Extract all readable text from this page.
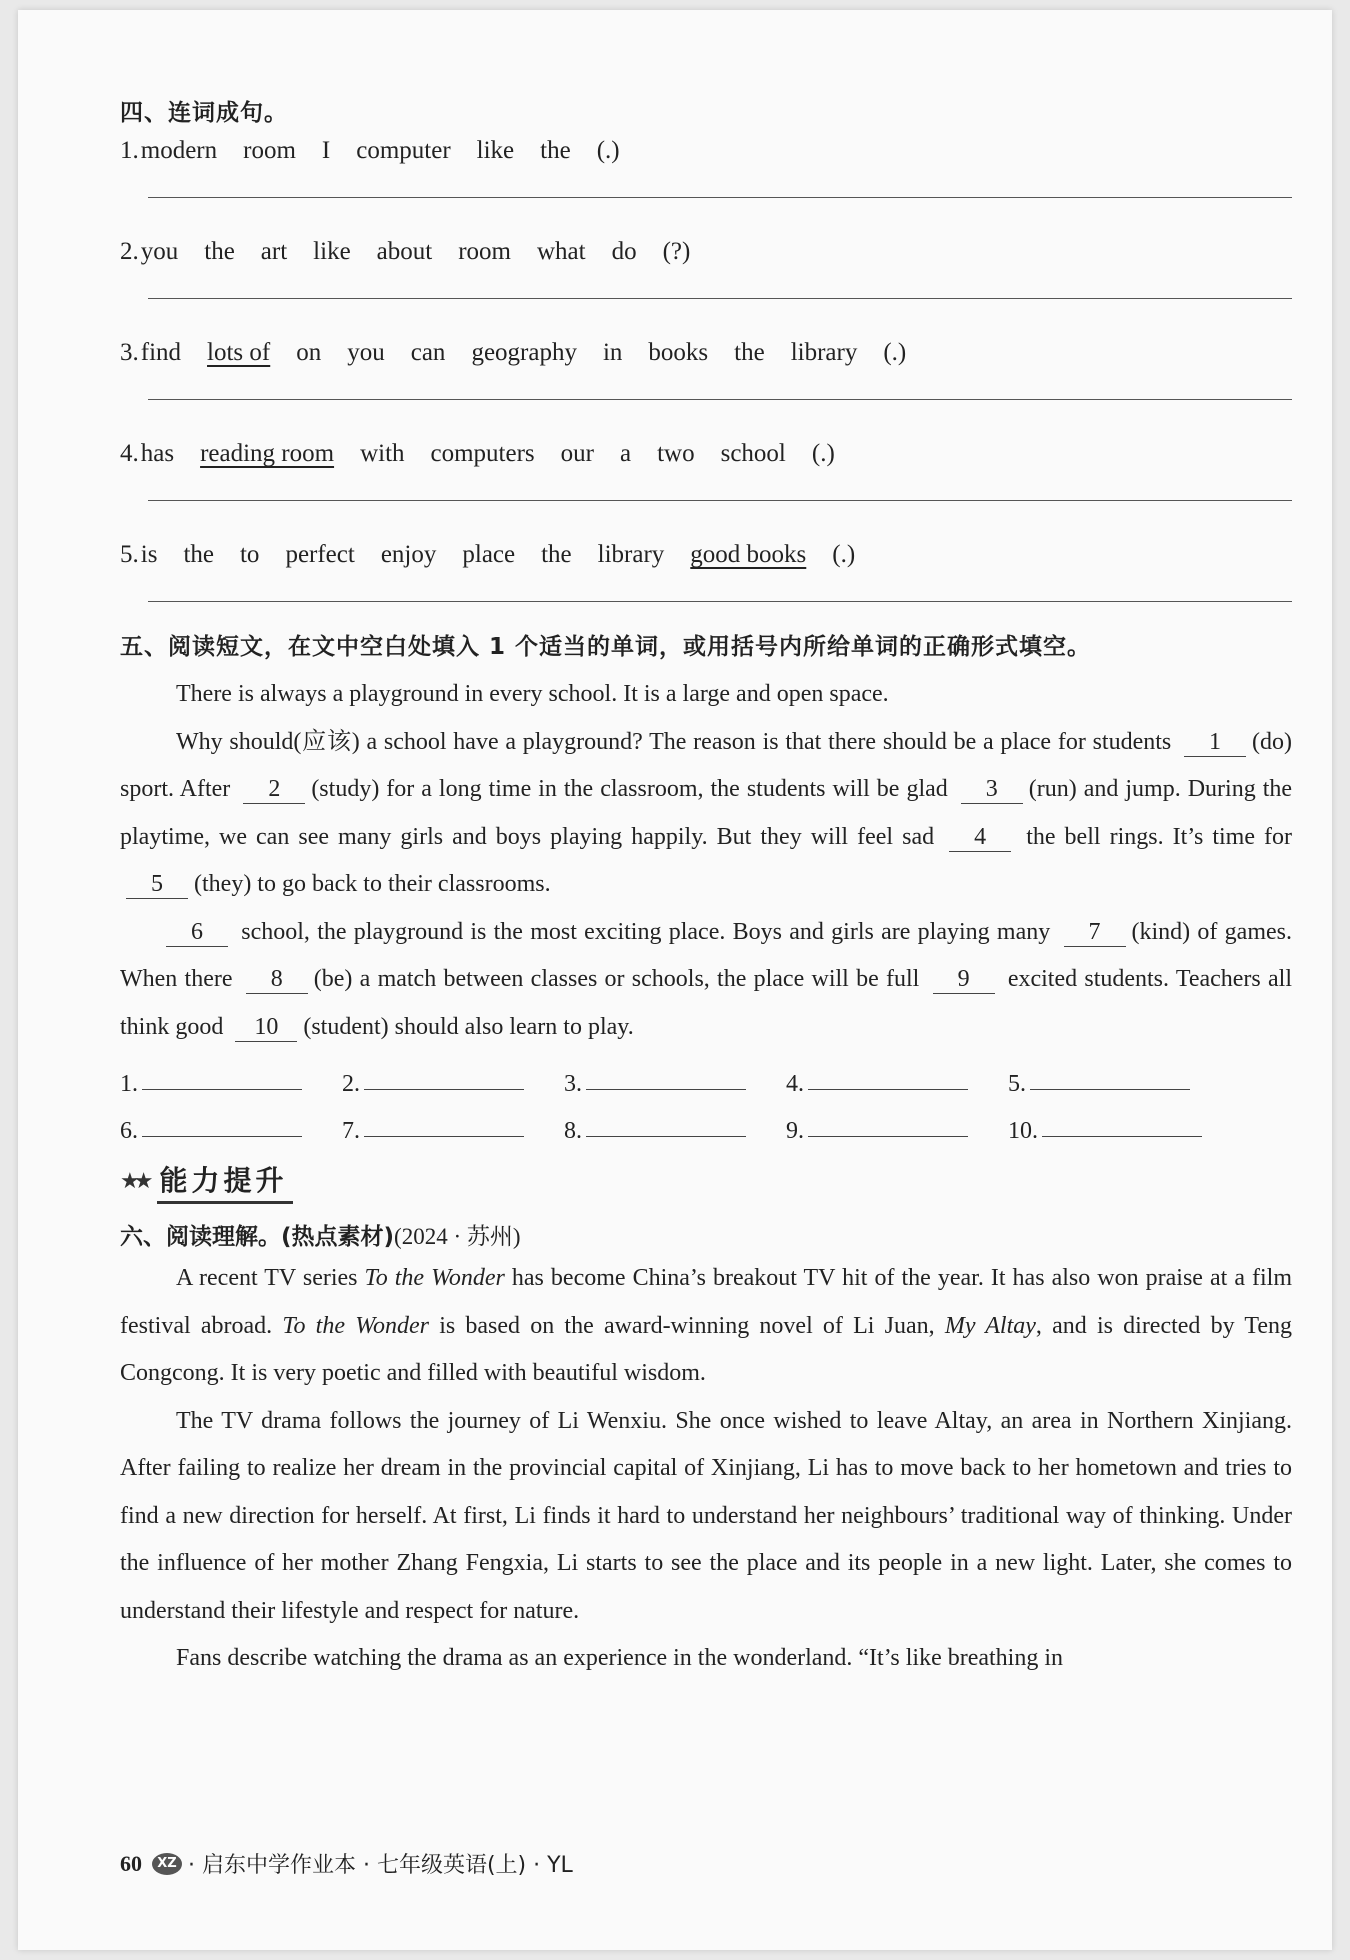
四、连词成句。
1.modern room I computer like the (.)
2.you the art like about room what do (?)
3.find lots of on you can geography in books the library (.)
4.has reading room with computers our a two school (.)
5.is the to perfect enjoy place the library good books (.)
五、阅读短文，在文中空白处填入 1 个适当的单词，或用括号内所给单词的正确形式填空。
There is always a playground in every school. It is a large and open space.
Why should(应该) a school have a playground? The reason is that there should be a place for students 1 (do) sport. After 2 (study) for a long time in the classroom, the students will be glad 3 (run) and jump. During the playtime, we can see many girls and boys playing happily. But they will feel sad 4 the bell rings. It’s time for 5 (they) to go back to their classrooms.
6 school, the playground is the most exciting place. Boys and girls are playing many 7 (kind) of games. When there 8 (be) a match between classes or schools, the place will be full 9 excited students. Teachers all think good 10 (student) should also learn to play.
1.	2.	3.	4.	5.
6.	7.	8.	9.	10.
★★ 能力提升
六、阅读理解。(热点素材)(2024 · 苏州)
A recent TV series To the Wonder has become China’s breakout TV hit of the year. It has also won praise at a film festival abroad. To the Wonder is based on the award-winning novel of Li Juan, My Altay, and is directed by Teng Congcong. It is very poetic and filled with beautiful wisdom.
The TV drama follows the journey of Li Wenxiu. She once wished to leave Altay, an area in Northern Xinjiang. After failing to realize her dream in the provincial capital of Xinjiang, Li has to move back to her hometown and tries to find a new direction for herself. At first, Li finds it hard to understand her neighbours’ traditional way of thinking. Under the influence of her mother Zhang Fengxia, Li starts to see the place and its people in a new light. Later, she comes to understand their lifestyle and respect for nature.
Fans describe watching the drama as an experience in the wonderland. “It’s like breathing in
60	XZ · 启东中学作业本 · 七年级英语(上) · YL
